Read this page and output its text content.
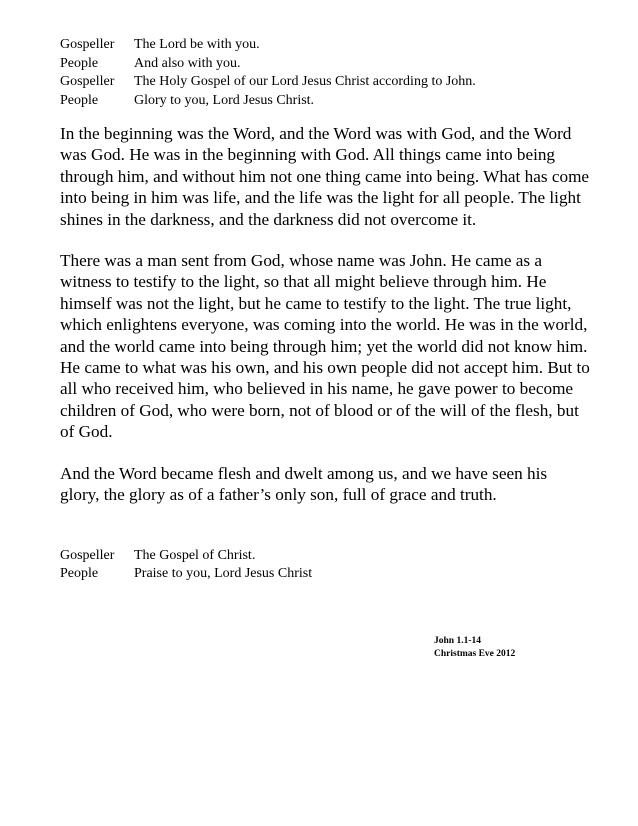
Gospeller	The Lord be with you.
People	And also with you.
Gospeller	The Holy Gospel of our Lord Jesus Christ according to John.
People	Glory to you, Lord Jesus Christ.

In the beginning was the Word, and the Word was with God, and the Word was God. He was in the beginning with God. All things came into being through him, and without him not one thing came into being. What has come into being in him was life, and the life was the light for all people. The light shines in the darkness, and the darkness did not overcome it.

There was a man sent from God, whose name was John. He came as a witness to testify to the light, so that all might believe through him. He himself was not the light, but he came to testify to the light. The true light, which enlightens everyone, was coming into the world. He was in the world, and the world came into being through him; yet the world did not know him. He came to what was his own, and his own people did not accept him. But to all who received him, who believed in his name, he gave power to become children of God, who were born, not of blood or of the will of the flesh, but of God.

And the Word became flesh and dwelt among us, and we have seen his glory, the glory as of a father’s only son, full of grace and truth.

Gospeller	The Gospel of Christ.
People	Praise to you, Lord Jesus Christ
John 1.1-14
Christmas Eve 2012
